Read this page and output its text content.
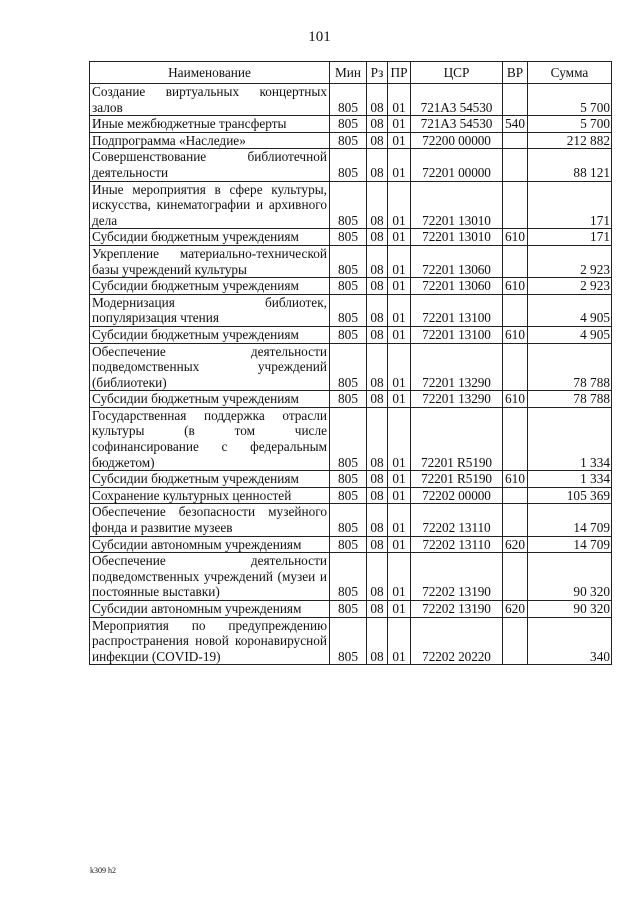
101
Наименование	Мин	Рз	ПР	ЦСР	ВР	Сумма
Создание виртуальных концертных залов	805	08	01	721A3 54530		5 700
Иные межбюджетные трансферты	805	08	01	721A3 54530	540	5 700
Подпрограмма «Наследие»	805	08	01	72200 00000		212 882
Совершенствование библиотечной деятельности	805	08	01	72201 00000		88 121
Иные мероприятия в сфере культуры, искусства, кинематографии и архивного дела	805	08	01	72201 13010		171
Субсидии бюджетным учреждениям	805	08	01	72201 13010	610	171
Укрепление материально-технической базы учреждений культуры	805	08	01	72201 13060		2 923
Субсидии бюджетным учреждениям	805	08	01	72201 13060	610	2 923
Модернизация библиотек, популяризация чтения	805	08	01	72201 13100		4 905
Субсидии бюджетным учреждениям	805	08	01	72201 13100	610	4 905
Обеспечение деятельности подведомственных учреждений (библиотеки)	805	08	01	72201 13290		78 788
Субсидии бюджетным учреждениям	805	08	01	72201 13290	610	78 788
Государственная поддержка отрасли культуры (в том числе софинансирование с федеральным бюджетом)	805	08	01	72201 R5190		1 334
Субсидии бюджетным учреждениям	805	08	01	72201 R5190	610	1 334
Сохранение культурных ценностей	805	08	01	72202 00000		105 369
Обеспечение безопасности музейного фонда и развитие музеев	805	08	01	72202 13110		14 709
Субсидии автономным учреждениям	805	08	01	72202 13110	620	14 709
Обеспечение деятельности подведомственных учреждений (музеи и постоянные выставки)	805	08	01	72202 13190		90 320
Субсидии автономным учреждениям	805	08	01	72202 13190	620	90 320
Мероприятия по предупреждению распространения новой коронавирусной инфекции (COVID-19)	805	08	01	72202 20220		340
k309 h2
